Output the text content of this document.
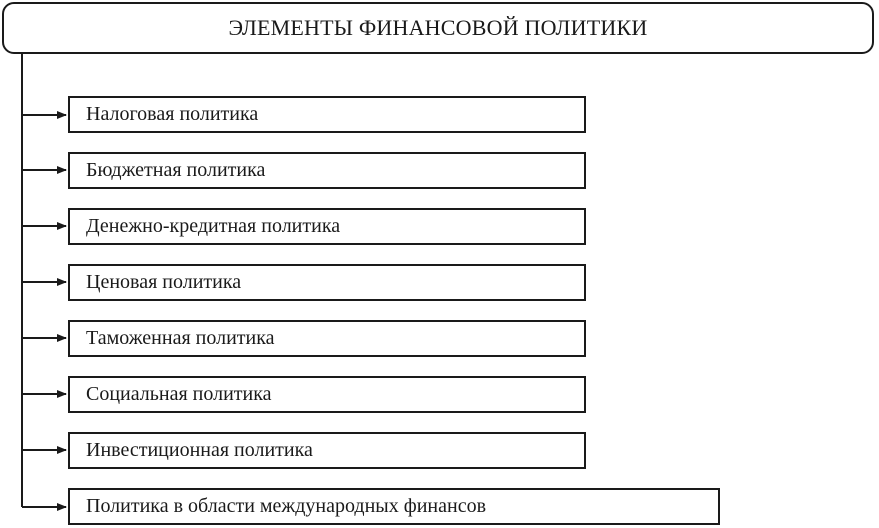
ЭЛЕМЕНТЫ ФИНАНСОВОЙ ПОЛИТИКИ
Налоговая политика
Бюджетная политика
Денежно-кредитная политика
Ценовая политика
Таможенная политика
Социальная политика
Инвестиционная политика
Политика в области международных финансов
